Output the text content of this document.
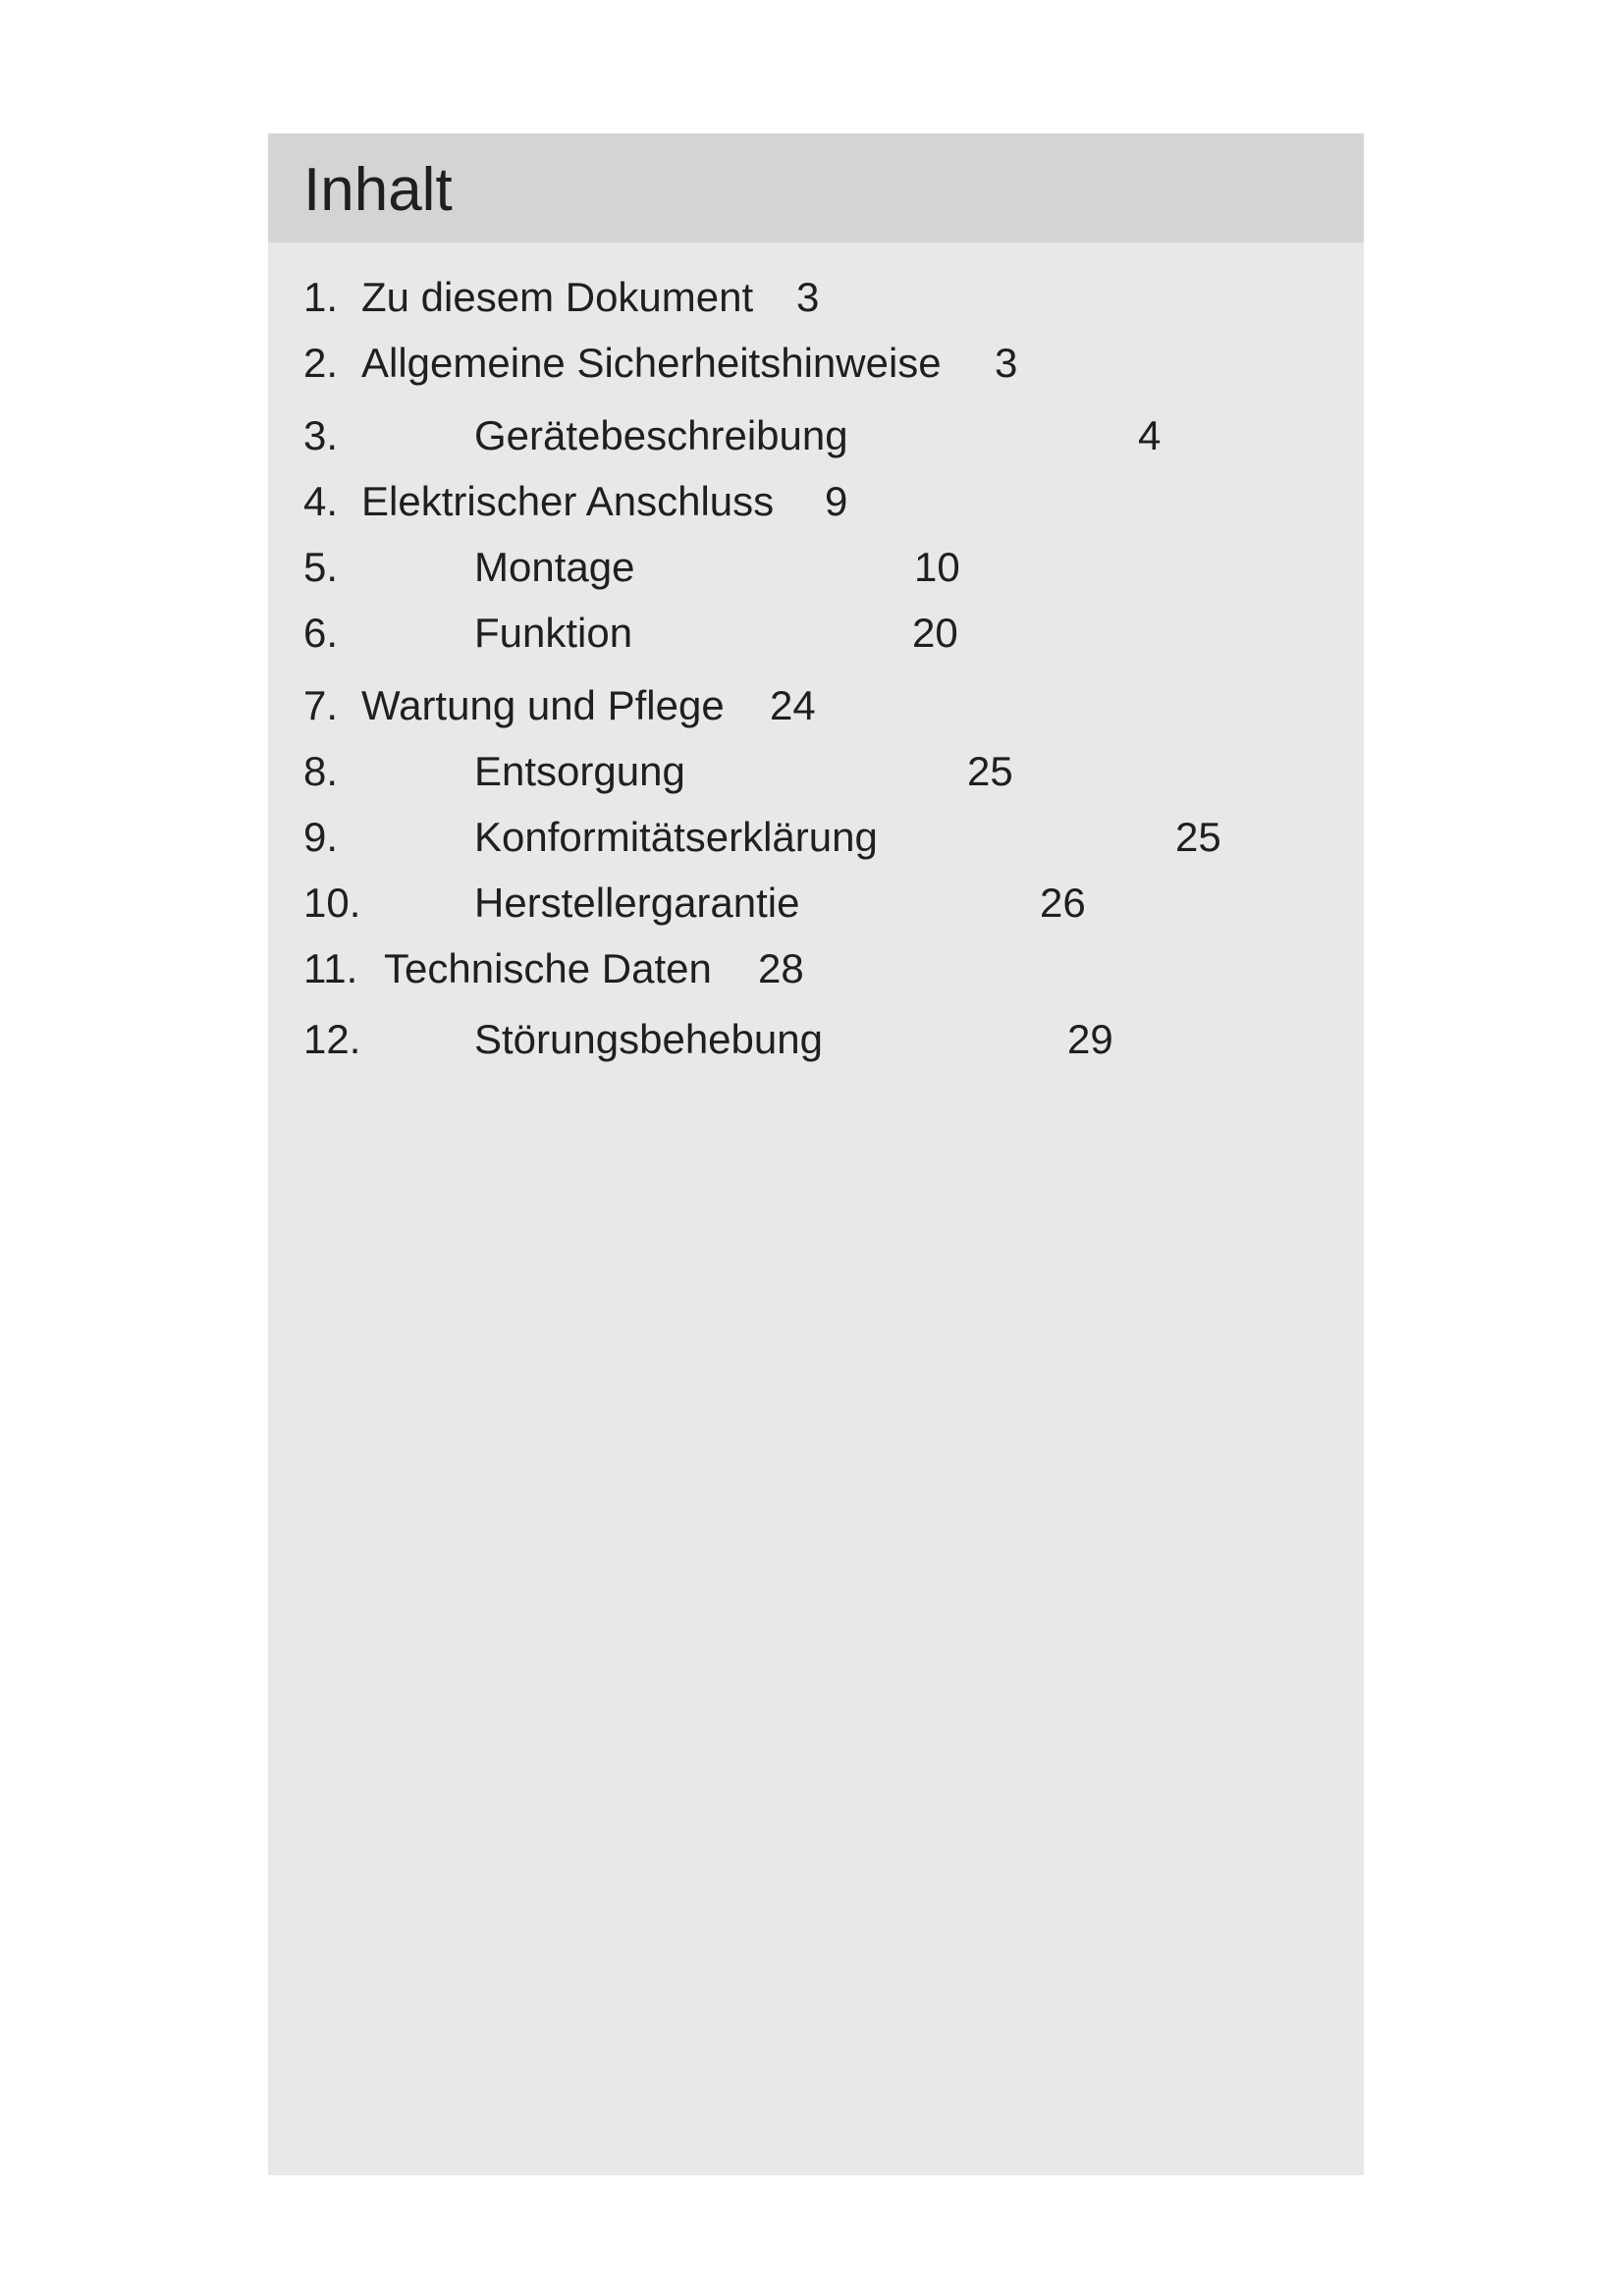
Inhalt
1. Zu diesem Dokument 3
2. Allgemeine Sicherheitshinweise 3
3.	Gerätebeschreibung	4
4. Elektrischer Anschluss 9
5.	Montage	10
6.	Funktion	20
7. Wartung und Pflege 24
8.	Entsorgung	25
9.	Konformitätserklärung	25
10.	Herstellergarantie	26
11. Technische Daten 28
12.	Störungsbehebung	29
